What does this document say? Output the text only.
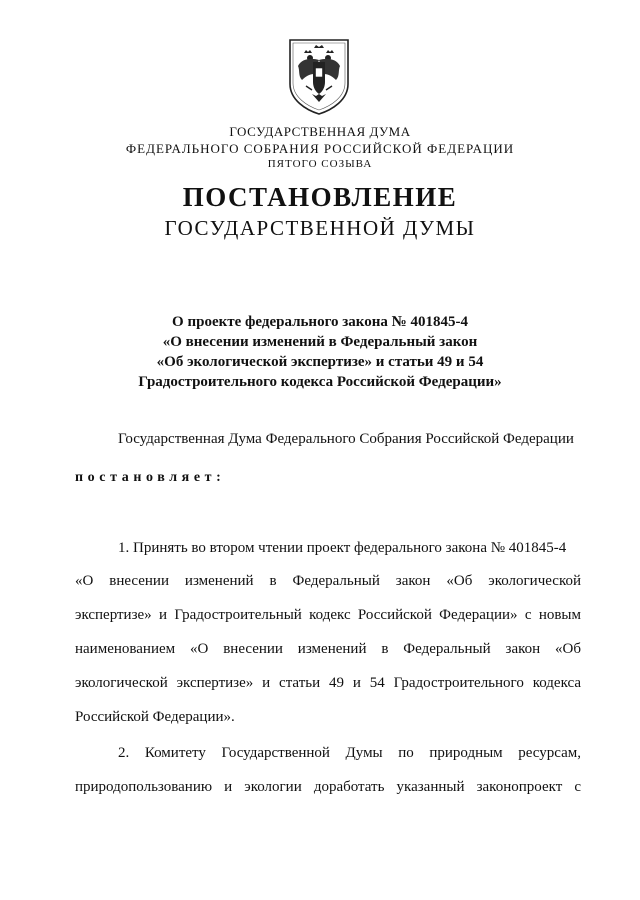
ГОСУДАРСТВЕННАЯ ДУМА
ФЕДЕРАЛЬНОГО СОБРАНИЯ РОССИЙСКОЙ ФЕДЕРАЦИИ
ПЯТОГО СОЗЫВА
ПОСТАНОВЛЕНИЕ
ГОСУДАРСТВЕННОЙ ДУМЫ
О проекте федерального закона № 401845-4
«О внесении изменений в Федеральный закон
«Об экологической экспертизе» и статьи 49 и 54
Градостроительного кодекса Российской Федерации»
Государственная Дума Федерального Собрания Российской Федерации
постановляет:
1. Принять во втором чтении проект федерального закона № 401845-4
«О внесении изменений в Федеральный закон «Об экологической
экспертизе» и Градостроительный кодекс Российской Федерации» с новым
наименованием «О внесении изменений в Федеральный закон «Об
экологической экспертизе» и статьи 49 и 54 Градостроительного кодекса
Российской Федерации».
2. Комитету Государственной Думы по природным ресурсам,
природопользованию и экологии доработать указанный законопроект с
